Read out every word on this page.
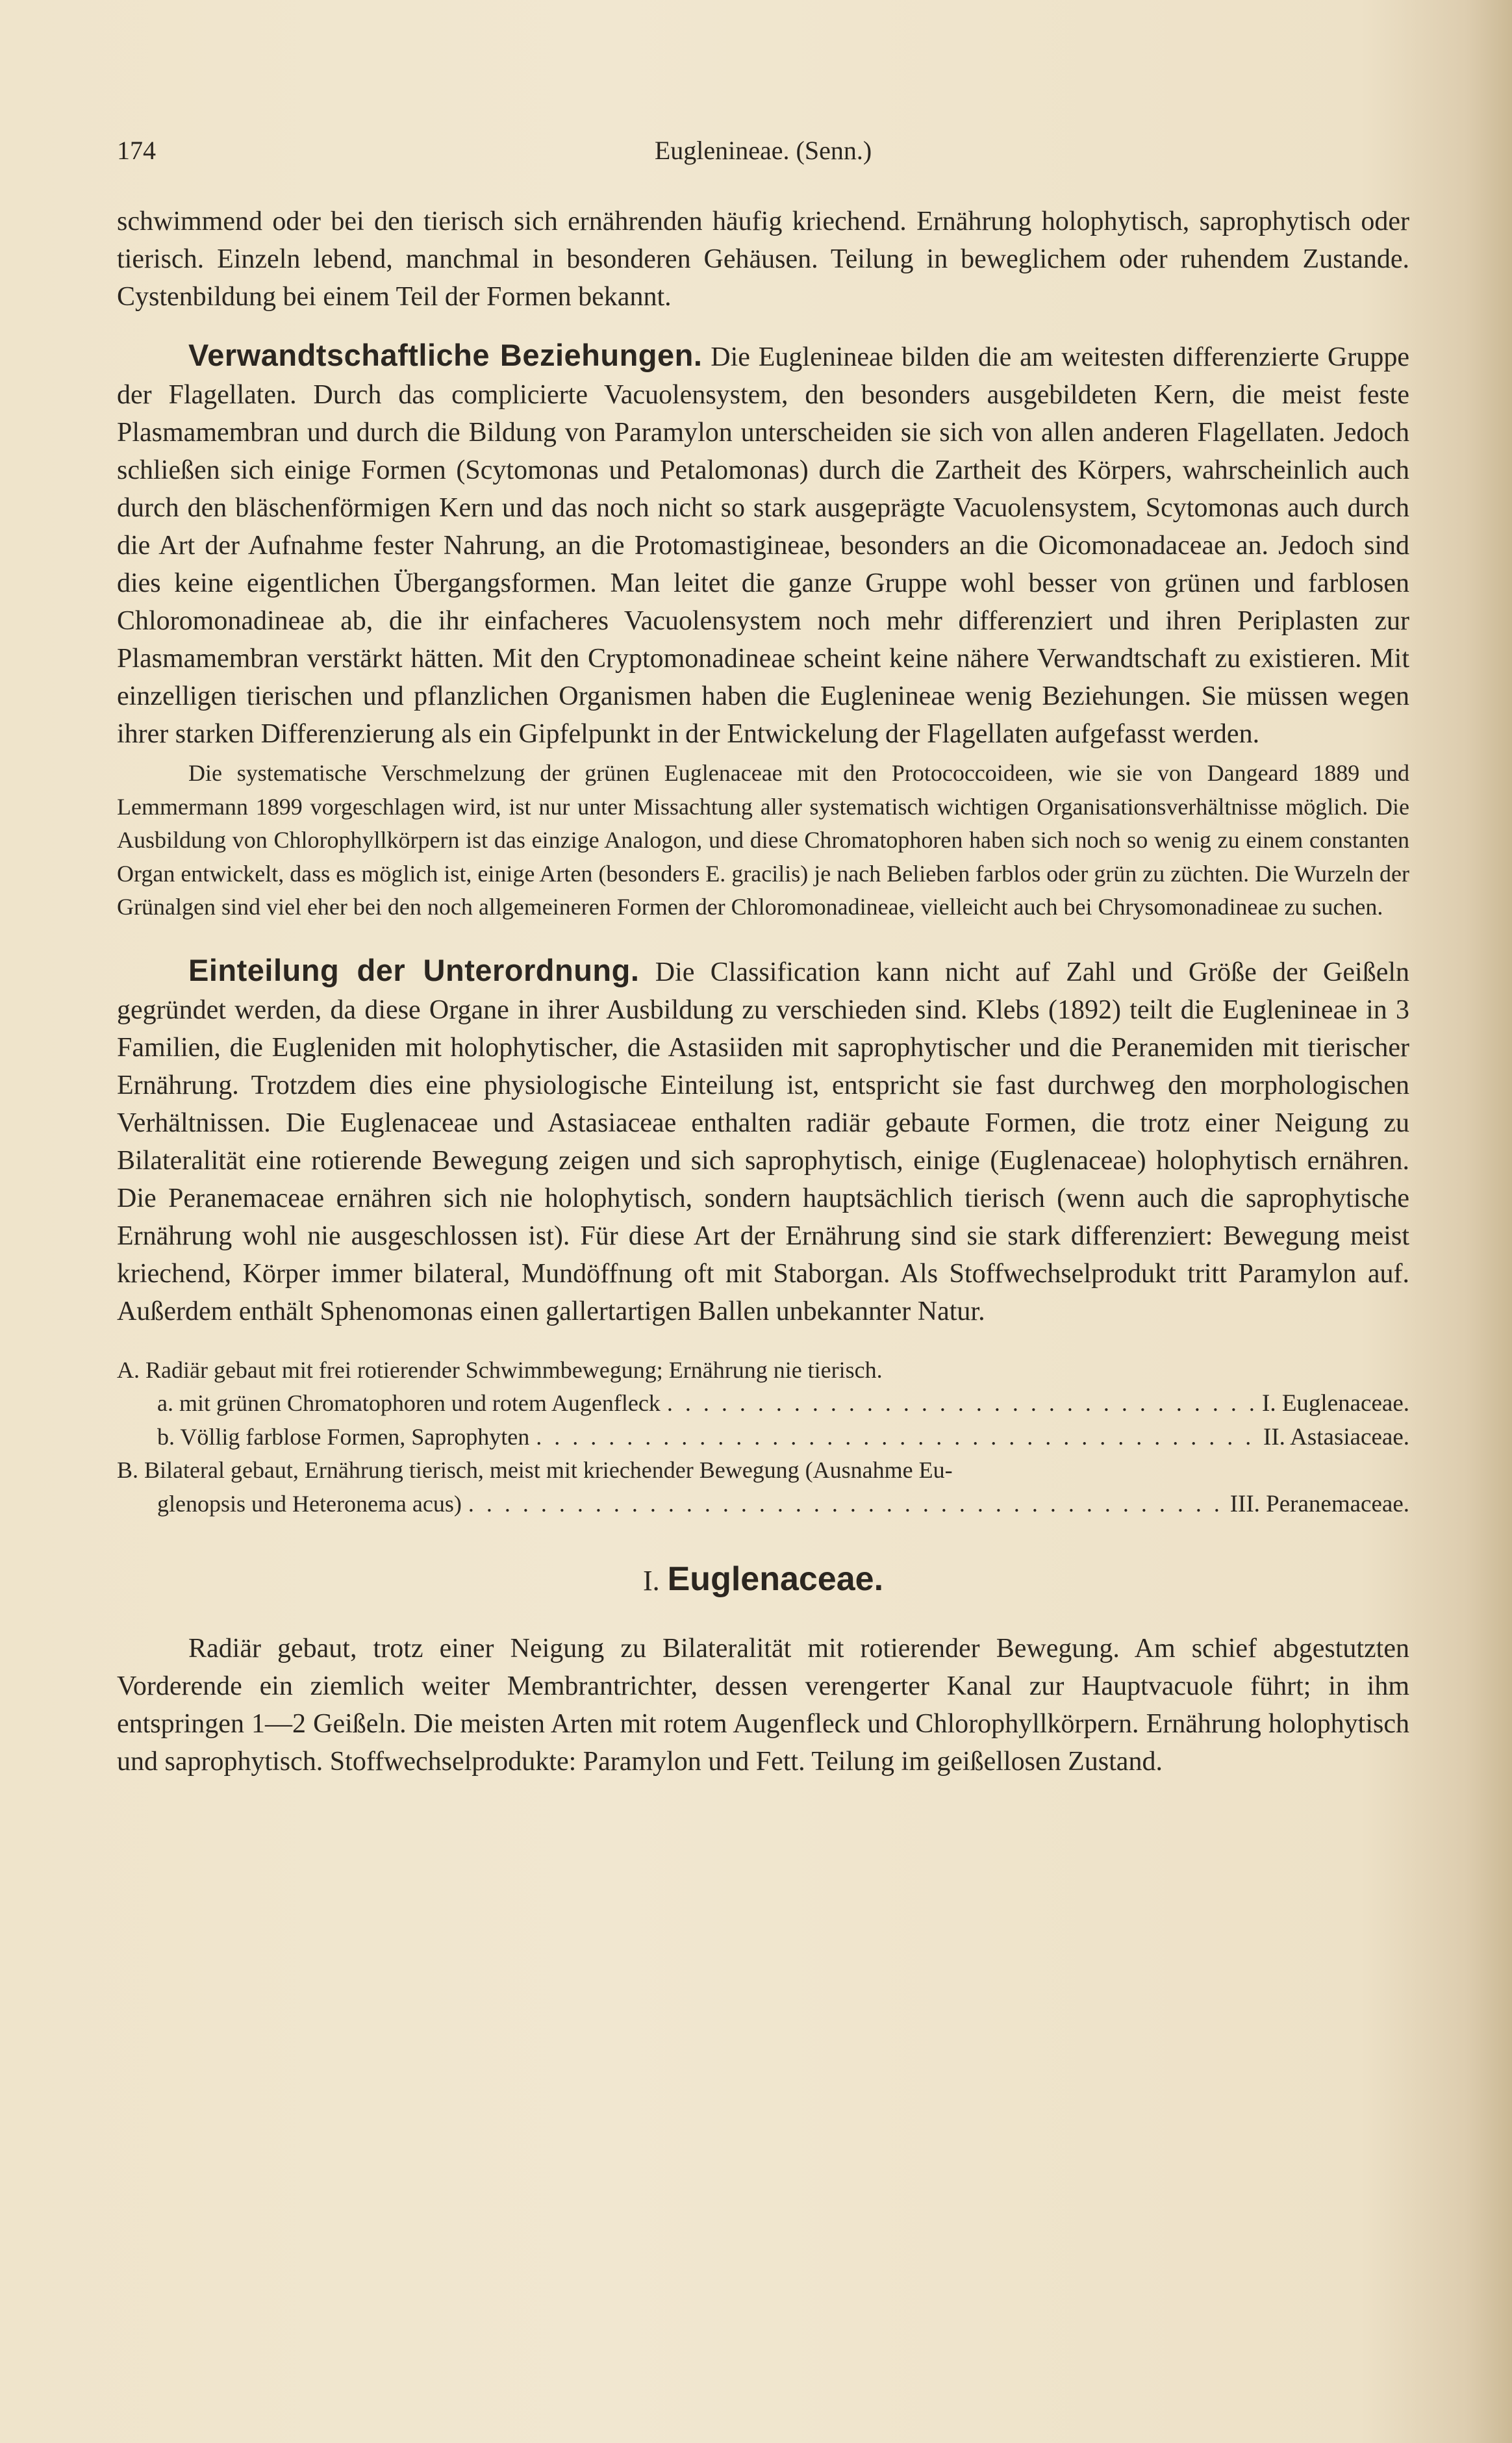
174	Euglenineae. (Senn.)

schwimmend oder bei den tierisch sich ernährenden häufig kriechend. Ernährung holophytisch, saprophytisch oder tierisch. Einzeln lebend, manchmal in besonderen Gehäusen. Teilung in beweglichem oder ruhendem Zustande. Cystenbildung bei einem Teil der Formen bekannt.

Verwandtschaftliche Beziehungen. Die Euglenineae bilden die am weitesten differenzierte Gruppe der Flagellaten. Durch das complicierte Vacuolensystem, den besonders ausgebildeten Kern, die meist feste Plasmamembran und durch die Bildung von Paramylon unterscheiden sie sich von allen anderen Flagellaten. Jedoch schließen sich einige Formen (Scytomonas und Petalomonas) durch die Zartheit des Körpers, wahrscheinlich auch durch den bläschenförmigen Kern und das noch nicht so stark ausgeprägte Vacuolensystem, Scytomonas auch durch die Art der Aufnahme fester Nahrung, an die Protomastigineae, besonders an die Oicomonadaceae an. Jedoch sind dies keine eigentlichen Übergangsformen. Man leitet die ganze Gruppe wohl besser von grünen und farblosen Chloromonadineae ab, die ihr einfacheres Vacuolensystem noch mehr differenziert und ihren Periplasten zur Plasmamembran verstärkt hätten. Mit den Cryptomonadineae scheint keine nähere Verwandtschaft zu existieren. Mit einzelligen tierischen und pflanzlichen Organismen haben die Euglenineae wenig Beziehungen. Sie müssen wegen ihrer starken Differenzierung als ein Gipfelpunkt in der Entwickelung der Flagellaten aufgefasst werden.

Die systematische Verschmelzung der grünen Euglenaceae mit den Protococcoideen, wie sie von Dangeard 1889 und Lemmermann 1899 vorgeschlagen wird, ist nur unter Missachtung aller systematisch wichtigen Organisationsverhältnisse möglich. Die Ausbildung von Chlorophyllkörpern ist das einzige Analogon, und diese Chromatophoren haben sich noch so wenig zu einem constanten Organ entwickelt, dass es möglich ist, einige Arten (besonders E. gracilis) je nach Belieben farblos oder grün zu züchten. Die Wurzeln der Grünalgen sind viel eher bei den noch allgemeineren Formen der Chloromonadineae, vielleicht auch bei Chrysomonadineae zu suchen.

Einteilung der Unterordnung. Die Classification kann nicht auf Zahl und Größe der Geißeln gegründet werden, da diese Organe in ihrer Ausbildung zu verschieden sind. Klebs (1892) teilt die Euglenineae in 3 Familien, die Eugleniden mit holophytischer, die Astasiiden mit saprophytischer und die Peranemiden mit tierischer Ernährung. Trotzdem dies eine physiologische Einteilung ist, entspricht sie fast durchweg den morphologischen Verhältnissen. Die Euglenaceae und Astasiaceae enthalten radiär gebaute Formen, die trotz einer Neigung zu Bilateralität eine rotierende Bewegung zeigen und sich saprophytisch, einige (Euglenaceae) holophytisch ernähren. Die Peranemaceae ernähren sich nie holophytisch, sondern hauptsächlich tierisch (wenn auch die saprophytische Ernährung wohl nie ausgeschlossen ist). Für diese Art der Ernährung sind sie stark differenziert: Bewegung meist kriechend, Körper immer bilateral, Mundöffnung oft mit Staborgan. Als Stoffwechselprodukt tritt Paramylon auf. Außerdem enthält Sphenomonas einen gallertartigen Ballen unbekannter Natur.

A. Radiär gebaut mit frei rotierender Schwimmbewegung; Ernährung nie tierisch.
a. mit grünen Chromatophoren und rotem Augenfleck . . .	I. Euglenaceae.
b. Völlig farblose Formen, Saprophyten . . .	II. Astasiaceae.
B. Bilateral gebaut, Ernährung tierisch, meist mit kriechender Bewegung (Ausnahme Eu-
glenopsis und Heteronema acus) . . .	III. Peranemaceae.
I. Euglenaceae.

Radiär gebaut, trotz einer Neigung zu Bilateralität mit rotierender Bewegung. Am schief abgestutzten Vorderende ein ziemlich weiter Membrantrichter, dessen verengerter Kanal zur Hauptvacuole führt; in ihm entspringen 1—2 Geißeln. Die meisten Arten mit rotem Augenfleck und Chlorophyllkörpern. Ernährung holophytisch und saprophytisch. Stoffwechselprodukte: Paramylon und Fett. Teilung im geißellosen Zustand.
